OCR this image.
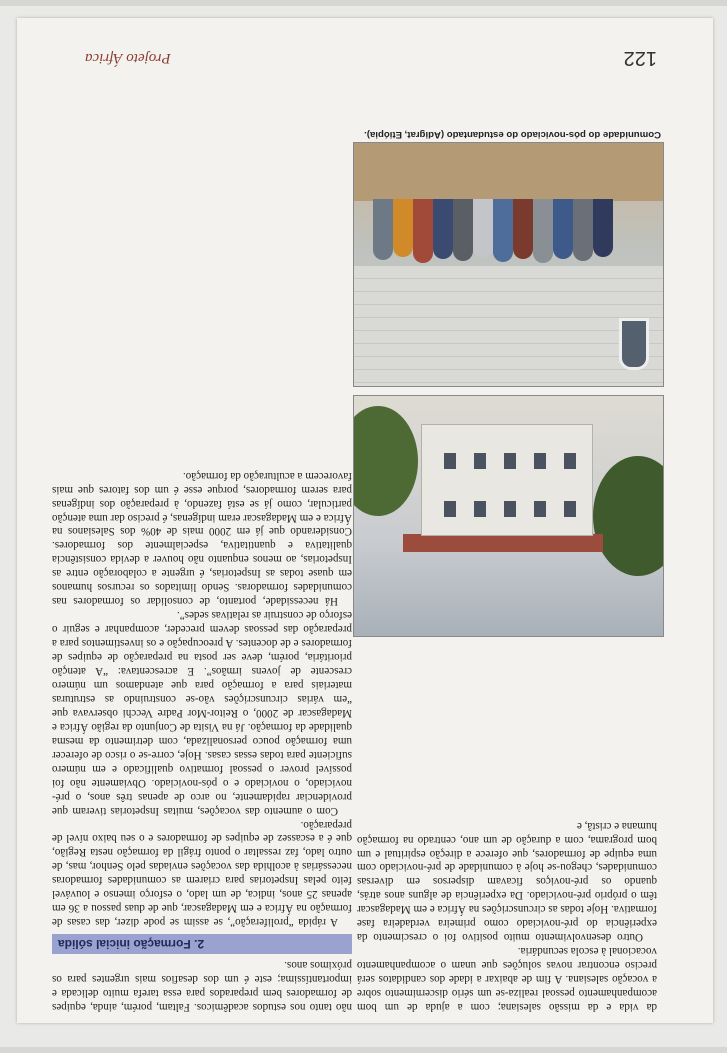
da vida e da missão salesiana; com a ajuda de um bom acompanhamento pessoal realiza-se um sério discernimento sobre a vocação salesiana. A fim de abaixar a idade dos candidatos será preciso encontrar novas soluções que unam o acompanhamento vocacional à escola secundária.

Outro desenvolvimento muito positivo foi o crescimento da experiência do pré-noviciado como primeira verdadeira fase formativa. Hoje todas as circunscrições na África e em Madagascar têm o próprio pré-noviciado. Da experiência de alguns anos atrás, quando os pré-noviços ficavam dispersos em diversas comunidades, chegou-se hoje à comunidade de pré-noviciado com uma equipe de formadores, que oferece a direção espiritual e um bom programa, com a duração de um ano, centrado na formação humana e cristã, e

não tanto nos estudos acadêmicos. Faltam, porém, ainda, equipes de formadores bem preparados para essa tarefa muito delicada e importantíssima; este é um dos desafios mais urgentes para os próximos anos.

2. Formação inicial sólida

A rápida “proliferação”, se assim se pode dizer, das casas de formação na África e em Madagascar, que de duas passou a 36 em apenas 25 anos, indica, de um lado, o esforço imenso e louvável feito pelas Inspetorias para criarem as comunidades formadoras necessárias à acolhida das vocações enviadas pelo Senhor, mas, de outro lado, faz ressaltar o ponto frágil da formação nesta Região, que é a escassez de equipes de formadores e o seu baixo nível de preparação.

Com o aumento das vocações, muitas Inspetorias tiveram que providenciar rapidamente, no arco de apenas três anos, o pré-noviciado, o noviciado e o pós-noviciado. Obviamente não foi possível prover o pessoal formativo qualificado e em número suficiente para todas essas casas. Hoje, corre-se o risco de oferecer uma formação pouco personalizada, com detrimento da mesma qualidade da formação. Já na Visita de Conjunto da região África e Madagascar de 2000, o Reitor-Mor Padre Vecchi observava que “em várias circunscrições vão-se construindo as estruturas materiais para a formação para que atendamos um número crescente de jovens irmãos”. E acrescentava: “A atenção prioritária, porém, deve ser posta na preparação de equipes de formadores e de docentes. A preocupação e os investimentos para a preparação das pessoas devem preceder, acompanhar e seguir o esforço de construir as relativas sedes”.

Há necessidade, portanto, de consolidar os formadores nas comunidades formadoras. Sendo limitados os recursos humanos em quase todas as Inspetorias, é urgente a colaboração entre as Inspetorias, ao menos enquanto não houver a devida consistência qualitativa e quantitativa, especialmente dos formadores. Considerando que já em 2000 mais de 40% dos Salesianos na África e em Madagascar eram indígenas, é preciso dar uma atenção particular, como já se está fazendo, à preparação dos indígenas para serem formadores, porque esse é um dos fatores que mais favorecem a aculturação da formação.

Comunidade do pós-noviciado do estudantado (Adigrat, Etiópia).
122
Projeto África
